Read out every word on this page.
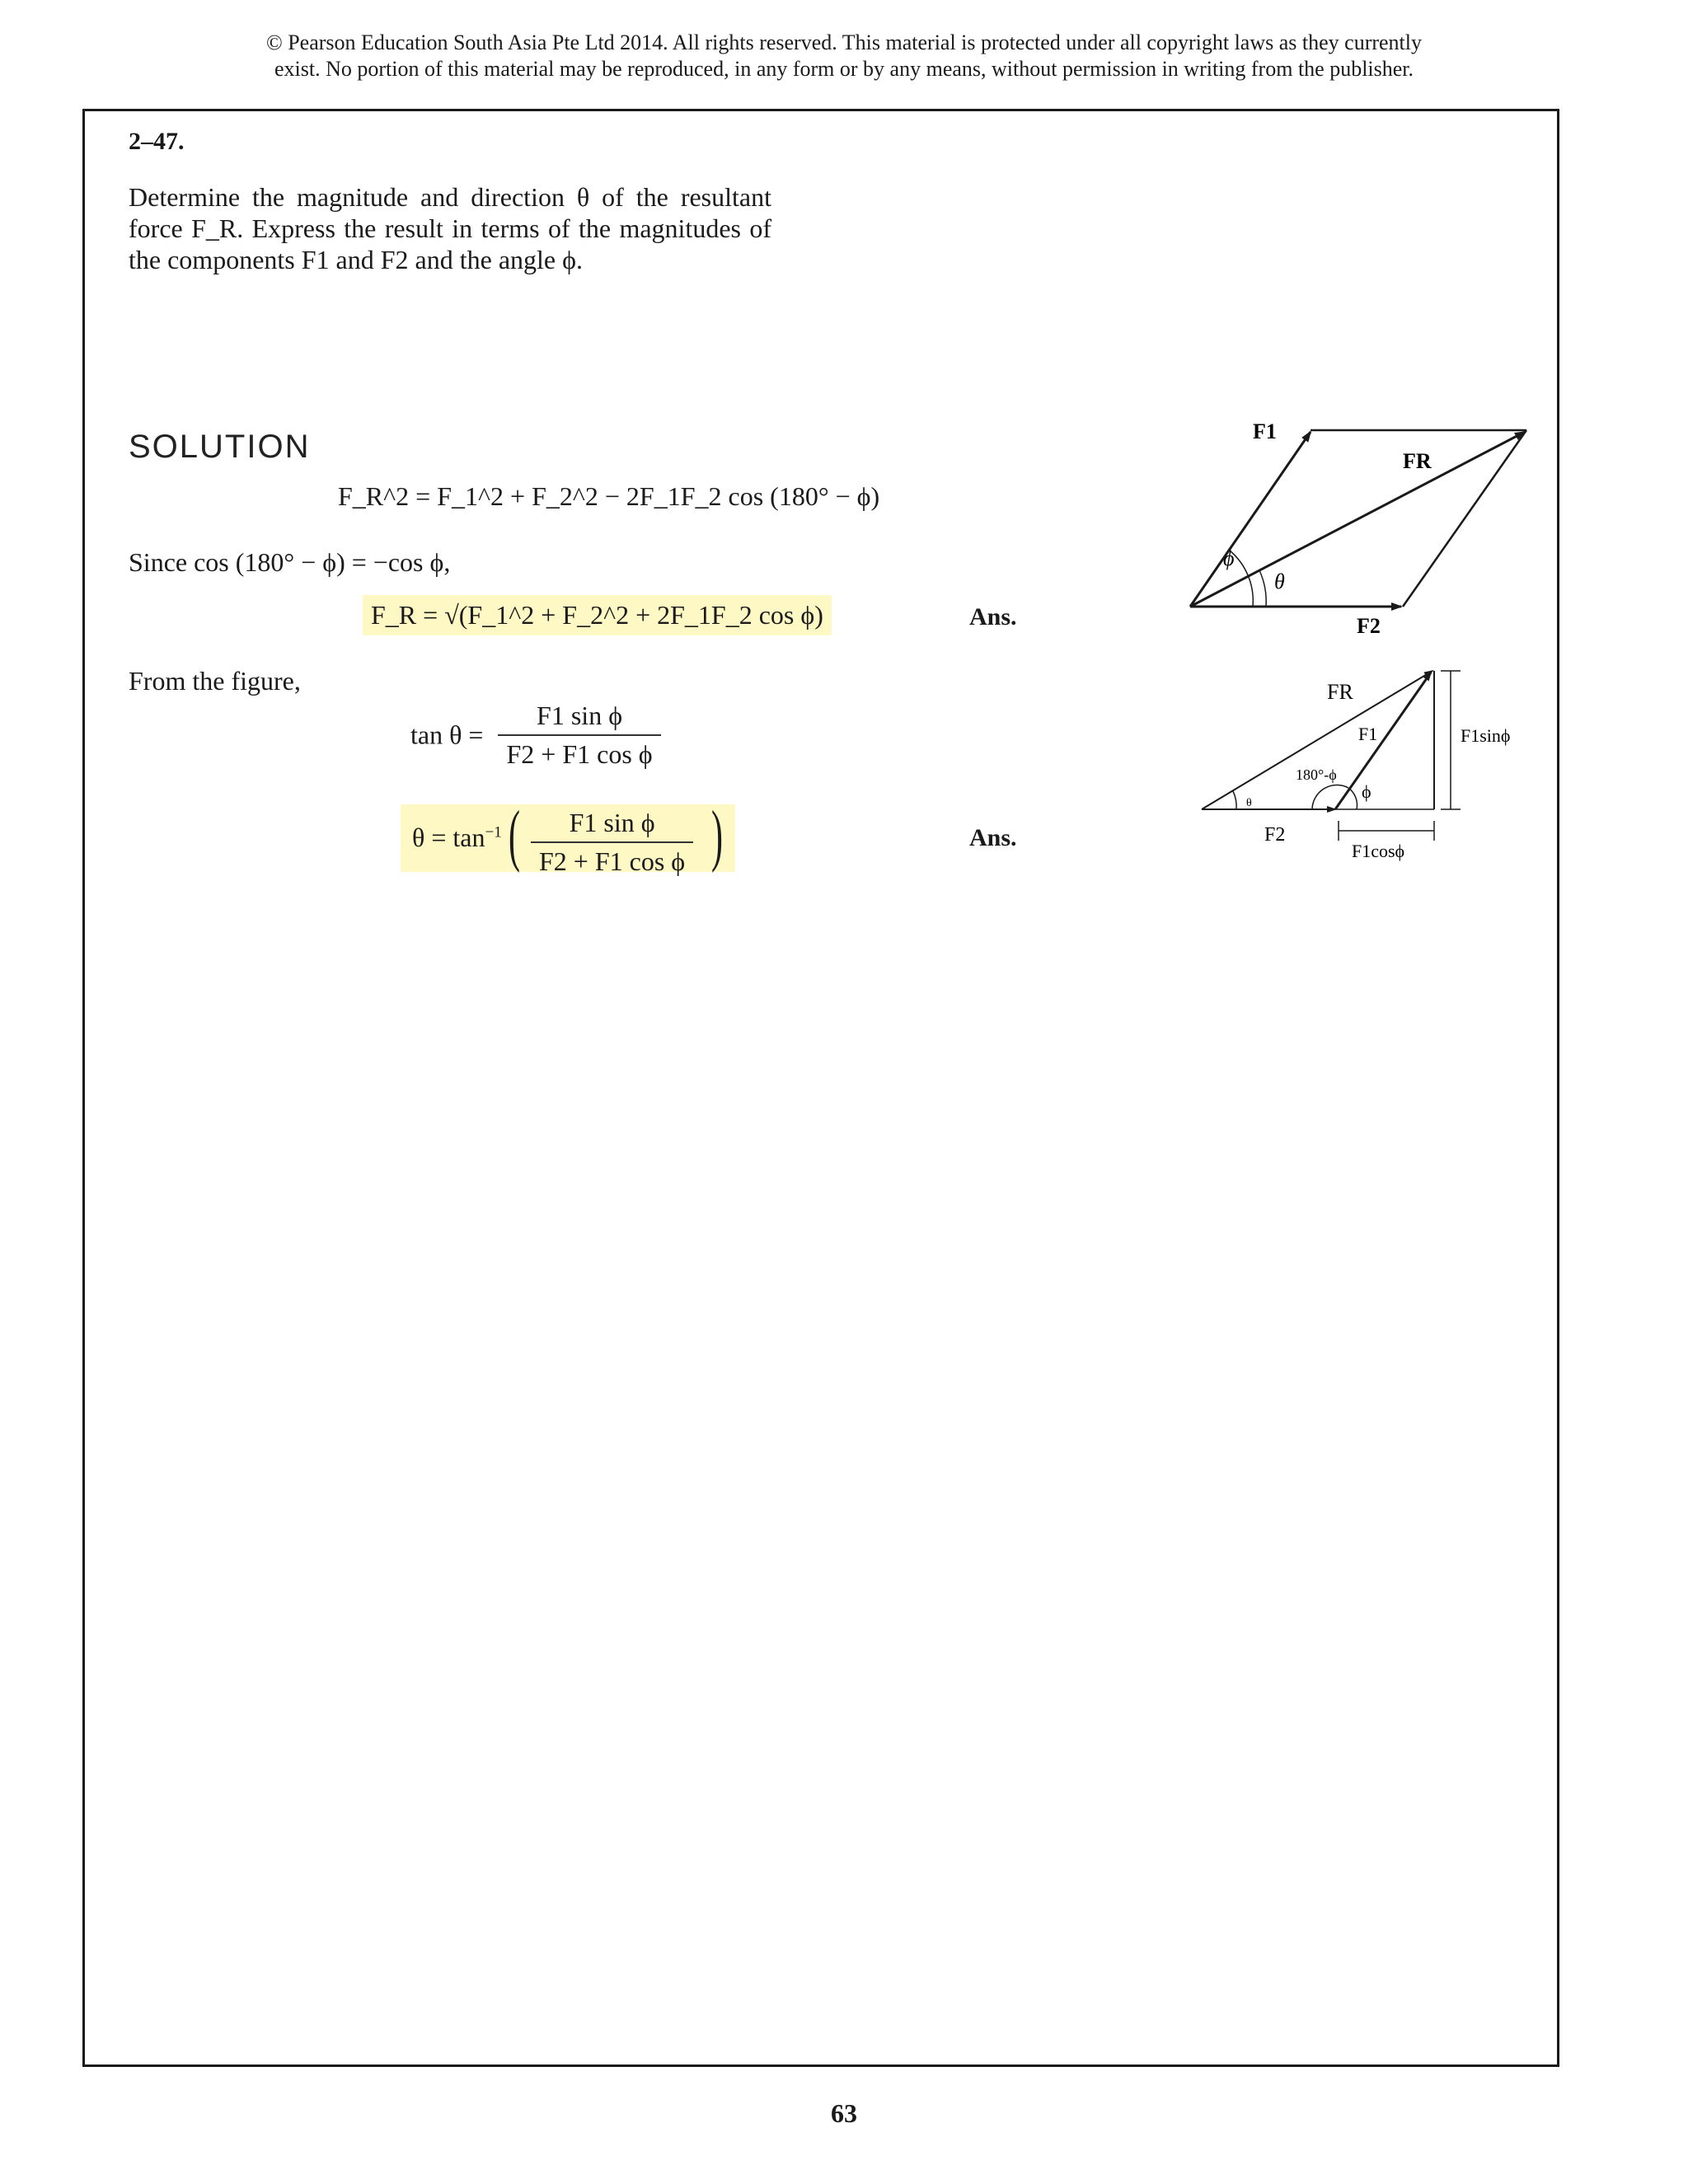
© Pearson Education South Asia Pte Ltd 2014. All rights reserved. This material is protected under all copyright laws as they currently
exist. No portion of this material may be reproduced, in any form or by any means, without permission in writing from the publisher.
2–47.
Determine the magnitude and direction θ of the resultant
force F_R. Express the result in terms of the magnitudes of
the components F1 and F2 and the angle ϕ.
SOLUTION
F_R^2 = F_1^2 + F_2^2 − 2F_1F_2 cos (180° − ϕ)
Since cos (180° − ϕ) = −cos ϕ,
F_R = √(F_1^2 + F_2^2 + 2F_1F_2 cos ϕ)	Ans.
From the figure,
$\tan \theta = \frac{\text{F1 sin ϕ}}{\text{F2 + F1 cos ϕ}}$
$\theta = \tan^{-1}$ ( $\frac{\text{F1 sin ϕ}}{\text{F2 + F1 cos ϕ}}$ )	Ans.
F1
FR
F2
ϕ
θ
FR
F1	F1sinϕ
F2
F1cosϕ
180°-ϕ
ϕ
θ
63
